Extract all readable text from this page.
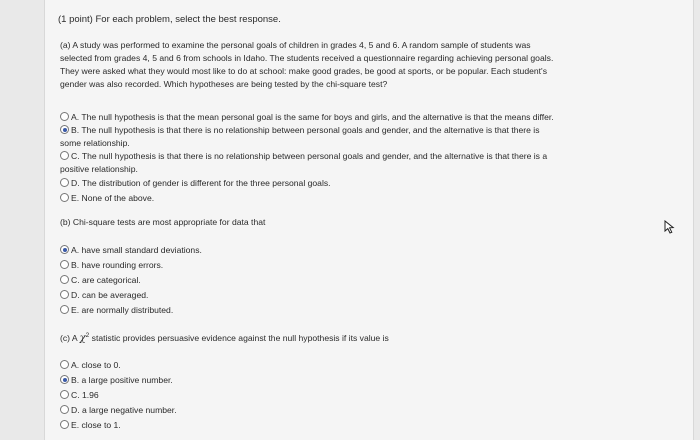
(1 point) For each problem, select the best response.
(a) A study was performed to examine the personal goals of children in grades 4, 5 and 6. A random sample of students was
selected from grades 4, 5 and 6 from schools in Idaho. The students received a questionnaire regarding achieving personal goals.
They were asked what they would most like to do at school: make good grades, be good at sports, or be popular. Each student's
gender was also recorded. Which hypotheses are being tested by the chi-square test?
A. The null hypothesis is that the mean personal goal is the same for boys and girls, and the alternative is that the means differ.
B. The null hypothesis is that there is no relationship between personal goals and gender, and the alternative is that there is
some relationship.
C. The null hypothesis is that there is no relationship between personal goals and gender, and the alternative is that there is a
positive relationship.
D. The distribution of gender is different for the three personal goals.
E. None of the above.
(b) Chi-square tests are most appropriate for data that
A. have small standard deviations.
B. have rounding errors.
C. are categorical.
D. can be averaged.
E. are normally distributed.
(c) A $\chi^2$ statistic provides persuasive evidence against the null hypothesis if its value is
A. close to 0.
B. a large positive number.
C. 1.96
D. a large negative number.
E. close to 1.
